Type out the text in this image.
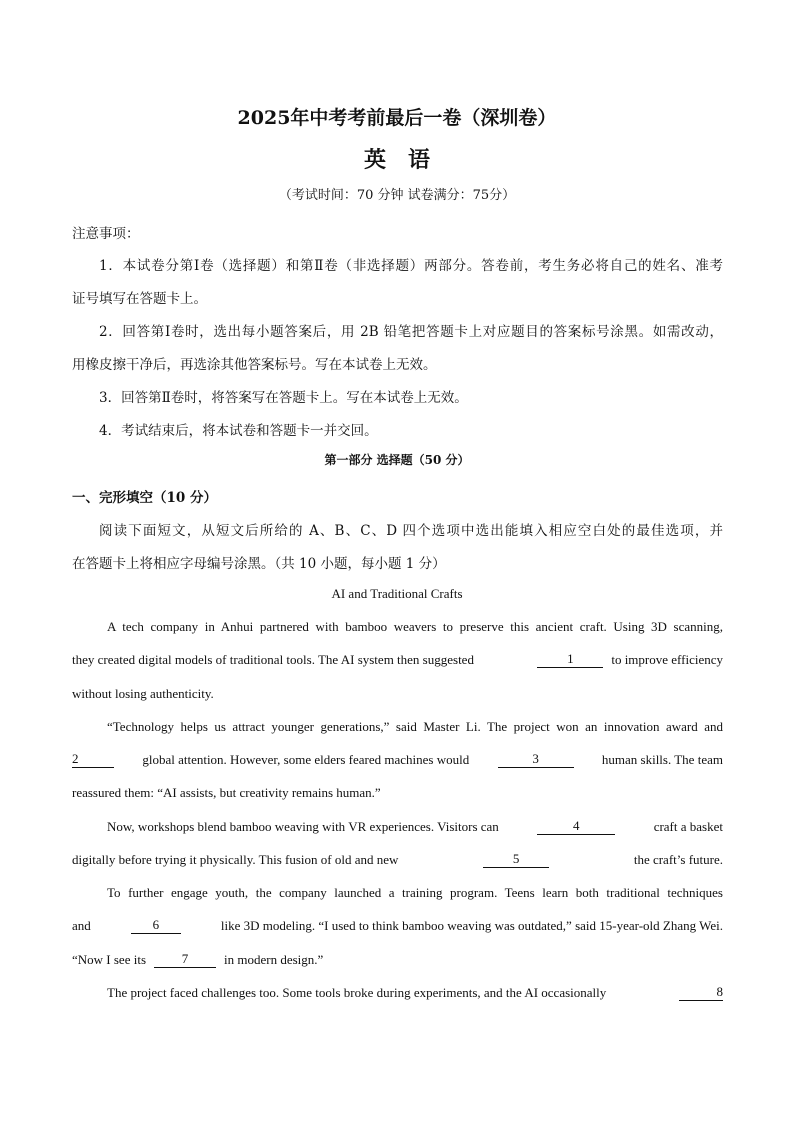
2025年中考考前最后一卷（深圳卷）
英语
（考试时间：70 分钟 试卷满分：75分）
注意事项：
1．本试卷分第Ⅰ卷（选择题）和第Ⅱ卷（非选择题）两部分。答卷前，考生务必将自己的姓名、准考
证号填写在答题卡上。
2．回答第Ⅰ卷时，选出每小题答案后，用 2B 铅笔把答题卡上对应题目的答案标号涂黑。如需改动，
用橡皮擦干净后，再选涂其他答案标号。写在本试卷上无效。
3．回答第Ⅱ卷时，将答案写在答题卡上。写在本试卷上无效。
4．考试结束后，将本试卷和答题卡一并交回。
第一部分 选择题（50 分）
一、完形填空（10 分）
阅读下面短文，从短文后所给的 A、B、C、D 四个选项中选出能填入相应空白处的最佳选项，并
在答题卡上将相应字母编号涂黑。（共 10 小题，每小题 1 分）
AI and Traditional Crafts
A tech company in Anhui partnered with bamboo weavers to preserve this ancient craft. Using 3D scanning,
they created digital models of traditional tools. The AI system then suggested	1	to improve efficiency
without losing authenticity.
“Technology helps us attract younger generations,” said Master Li. The project won an innovation award and
2	global attention. However, some elders feared machines would	3	human skills. The team
reassured them: “AI assists, but creativity remains human.”
Now, workshops blend bamboo weaving with VR experiences. Visitors can	4	craft a basket
digitally before trying it physically. This fusion of old and new	5	the craft’s future.
To further engage youth, the company launched a training program. Teens learn both traditional techniques
and	6	like 3D modeling. “I used to think bamboo weaving was outdated,” said 15-year-old Zhang Wei.
“Now I see its	7	in modern design.”
The project faced challenges too. Some tools broke during experiments, and the AI occasionally	8
